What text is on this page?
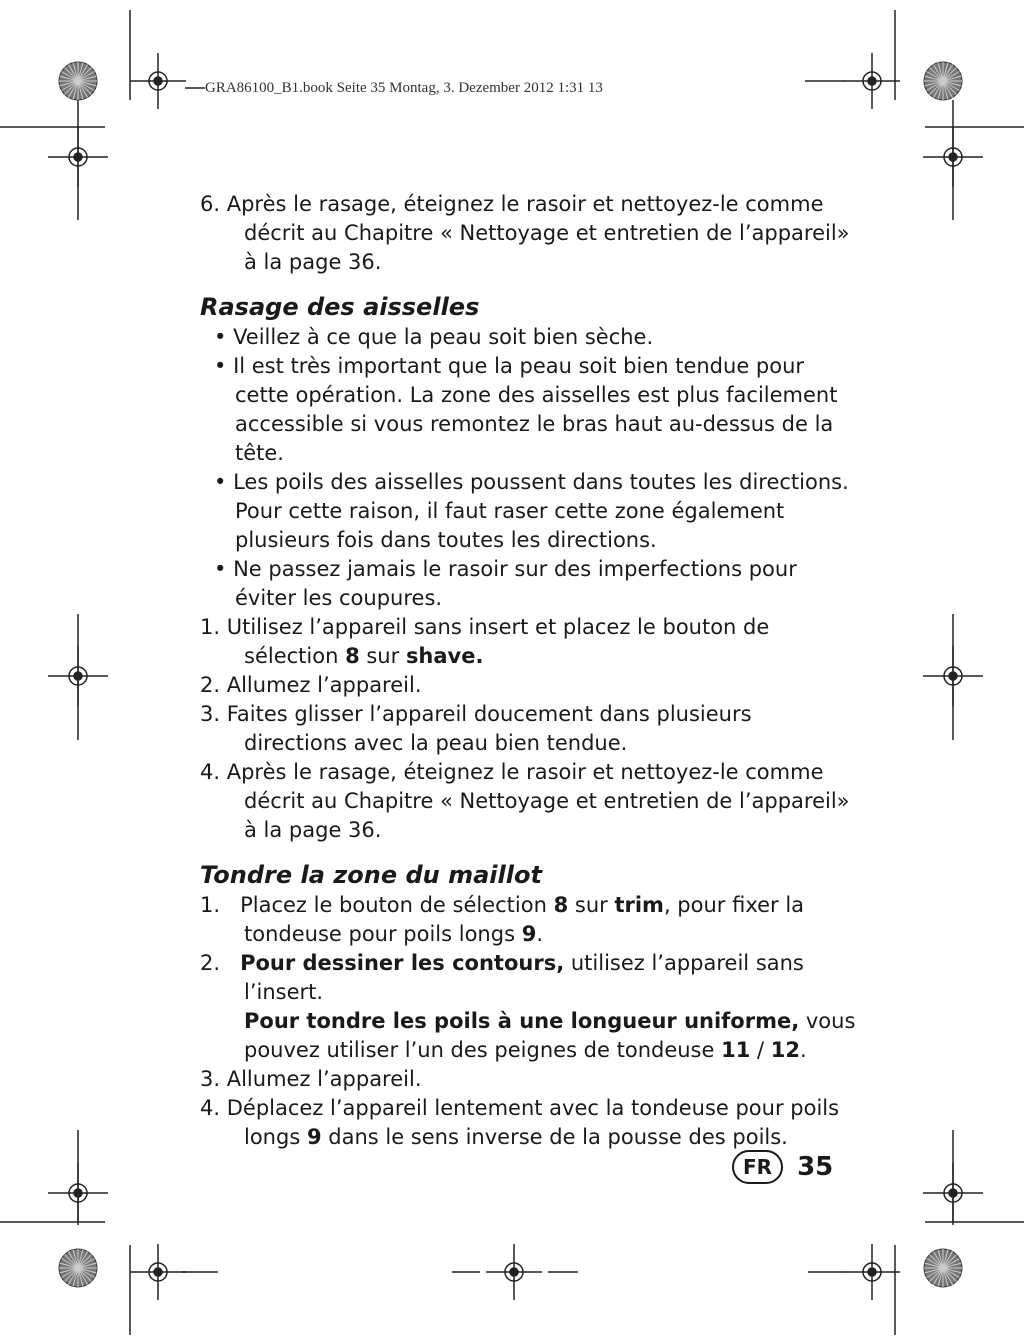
GRA86100_B1.book Seite 35 Montag, 3. Dezember 2012 1:31 13

6. Après le rasage, éteignez le rasoir et nettoyez-le comme décrit au Chapitre « Nettoyage et entretien de l’appareil» à la page 36.

Rasage des aisselles

• Veillez à ce que la peau soit bien sèche.

• Il est très important que la peau soit bien tendue pour cette opération. La zone des aisselles est plus facilement accessible si vous remontez le bras haut au-dessus de la tête.

• Les poils des aisselles poussent dans toutes les directions. Pour cette raison, il faut raser cette zone également plusieurs fois dans toutes les directions.

• Ne passez jamais le rasoir sur des imperfections pour éviter les coupures.

1. Utilisez l’appareil sans insert et placez le bouton de sélection 8 sur shave.

2. Allumez l’appareil.

3. Faites glisser l’appareil doucement dans plusieurs directions avec la peau bien tendue.

4. Après le rasage, éteignez le rasoir et nettoyez-le comme décrit au Chapitre « Nettoyage et entretien de l’appareil» à la page 36.

Tondre la zone du maillot

1. Placez le bouton de sélection 8 sur trim, pour fixer la tondeuse pour poils longs 9.

2. Pour dessiner les contours, utilisez l’appareil sans l’insert.

Pour tondre les poils à une longueur uniforme, vous pouvez utiliser l’un des peignes de tondeuse 11 / 12.

3. Allumez l’appareil.

4. Déplacez l’appareil lentement avec la tondeuse pour poils longs 9 dans le sens inverse de la pousse des poils.

FR 35
